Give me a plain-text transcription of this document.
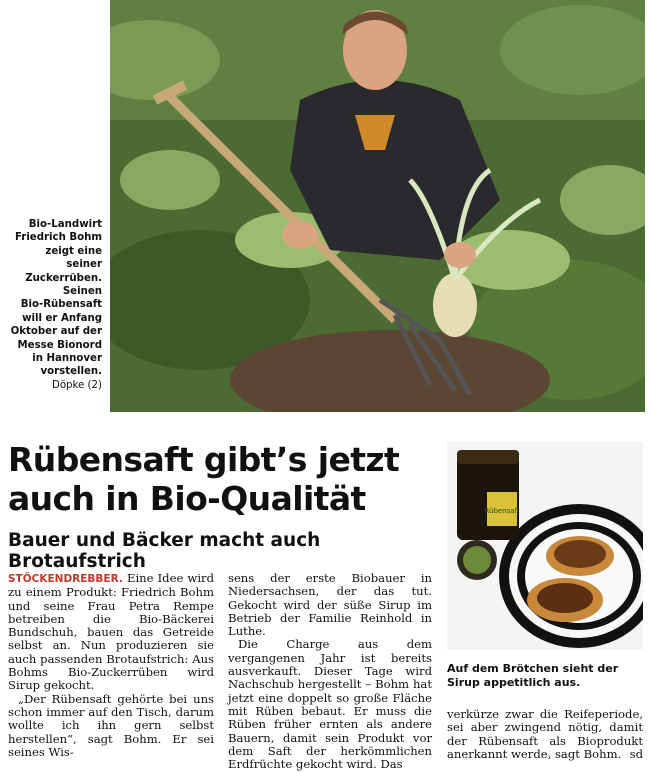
Bio-Landwirt
Friedrich Bohm
zeigt eine
seiner
Zuckerrüben.
Seinen
Bio-Rübensaft
will er Anfang
Oktober auf der
Messe Bionord
in Hannover
vorstellen.
Döpke (2)
Rübensaft gibt’s jetzt
auch in Bio-Qualität
Bauer und Bäcker macht auch Brotaufstrich

STÖCKENDREBBER. Eine Idee wird zu einem Produkt: Friedrich Bohm und seine Frau Petra Rempe betreiben die Bio-Bäckerei Bundschuh, bauen das Getreide selbst an. Nun produzieren sie auch passenden Brotaufstrich: Aus Bohms Bio-Zuckerrüben wird Sirup gekocht.

„Der Rübensaft gehörte bei uns schon immer auf den Tisch, darum wollte ich ihn gern selbst herstellen“, sagt Bohm. Er sei seines Wis-

sens der erste Biobauer in Niedersachsen, der das tut. Gekocht wird der süße Sirup im Betrieb der Familie Reinhold in Luthe.

Die Charge aus dem vergangenen Jahr ist bereits ausverkauft. Dieser Tage wird Nachschub hergestellt – Bohm hat jetzt eine doppelt so große Fläche mit Rüben bebaut. Er muss die Rüben früher ernten als andere Bauern, damit sein Produkt vor dem Saft der herkömmlichen Erdfrüchte gekocht wird. Das

Rübensaft
Auf dem Brötchen sieht der Sirup appetitlich aus.

verkürze zwar die Reifeperiode, sei aber zwingend nötig, damit der Rübensaft als Bioprodukt anerkannt werde, sagt Bohm. sd
